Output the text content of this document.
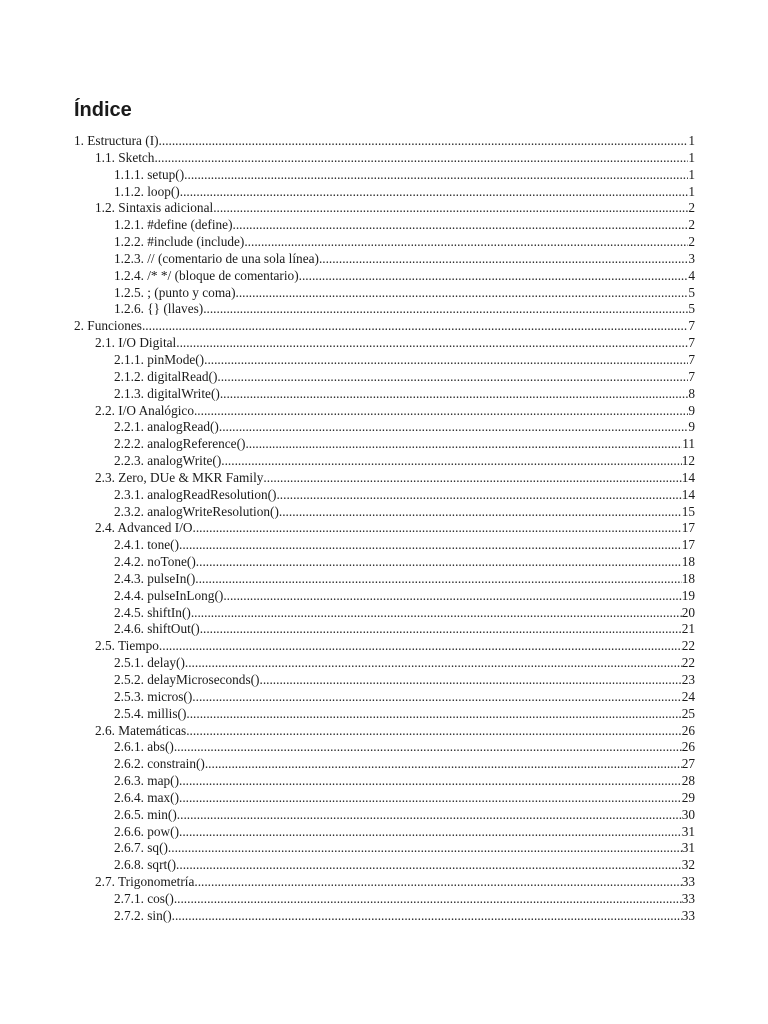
Índice
1. Estructura (I) .....	1
1.1. Sketch .....	1
1.1.1. setup() .....	1
1.1.2. loop() .....	1
1.2. Sintaxis adicional .....	2
1.2.1. #define (define) .....	2
1.2.2. #include (include) .....	2
1.2.3. // (comentario de una sola línea) .....	3
1.2.4. /* */ (bloque de comentario) .....	4
1.2.5. ; (punto y coma) .....	5
1.2.6. {} (llaves) .....	5
2. Funciones .....	7
2.1. I/O Digital .....	7
2.1.1. pinMode() .....	7
2.1.2. digitalRead() .....	7
2.1.3. digitalWrite() .....	8
2.2. I/O Analógico .....	9
2.2.1. analogRead() .....	9
2.2.2. analogReference() .....	11
2.2.3. analogWrite() .....	12
2.3. Zero, DUe & MKR Family .....	14
2.3.1. analogReadResolution() .....	14
2.3.2. analogWriteResolution() .....	15
2.4. Advanced I/O .....	17
2.4.1. tone() .....	17
2.4.2. noTone() .....	18
2.4.3. pulseIn() .....	18
2.4.4. pulseInLong() .....	19
2.4.5. shiftIn() .....	20
2.4.6. shiftOut() .....	21
2.5. Tiempo .....	22
2.5.1. delay() .....	22
2.5.2. delayMicroseconds() .....	23
2.5.3. micros() .....	24
2.5.4. millis() .....	25
2.6. Matemáticas .....	26
2.6.1. abs() .....	26
2.6.2. constrain() .....	27
2.6.3. map() .....	28
2.6.4. max() .....	29
2.6.5. min() .....	30
2.6.6. pow() .....	31
2.6.7. sq() .....	31
2.6.8. sqrt() .....	32
2.7. Trigonometría .....	33
2.7.1. cos() .....	33
2.7.2. sin() .....	33
